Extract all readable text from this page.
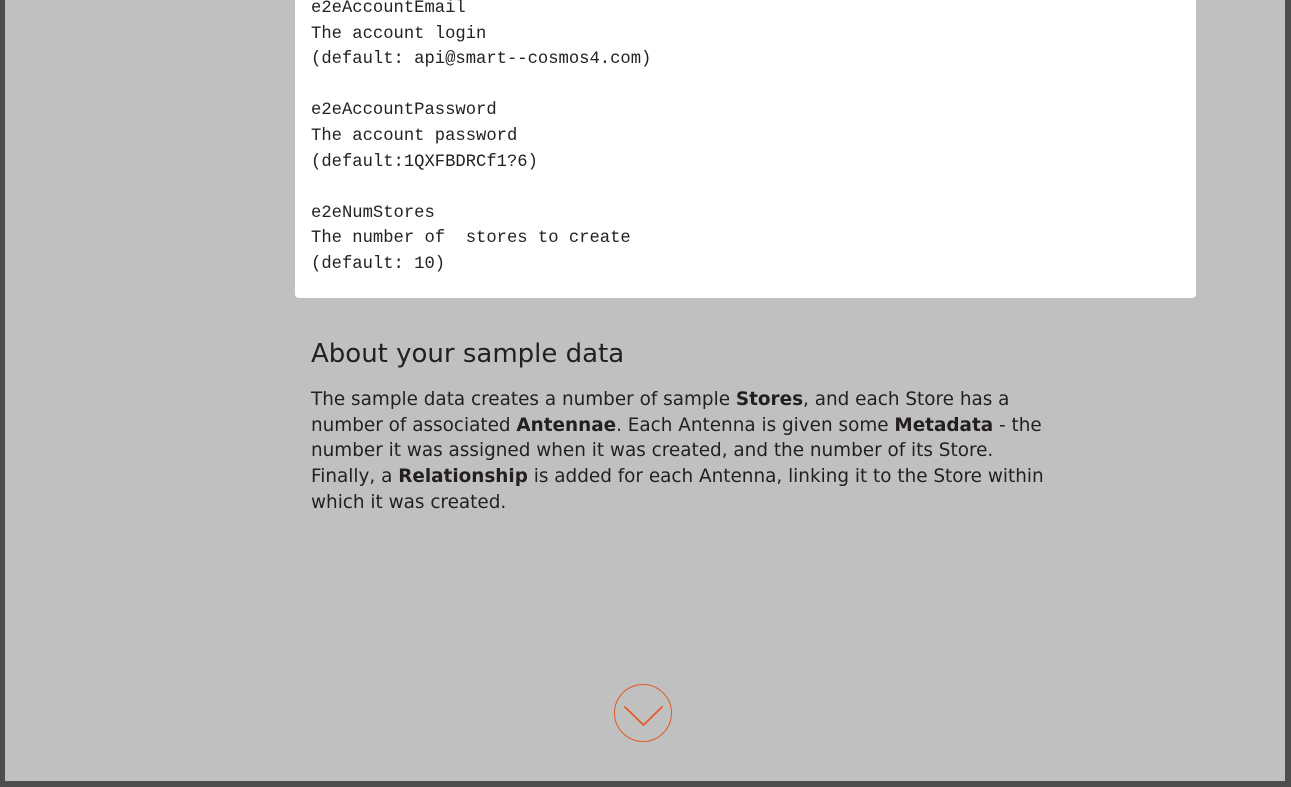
e2eAccountEmail
The account login
(default: api@smart--cosmos4.com)

e2eAccountPassword
The account password
(default:1QXFBDRCf1?6)

e2eNumStores
The number of  stores to create
(default: 10)
About your sample data

The sample data creates a number of sample Stores, and each Store has a number of associated Antennae. Each Antenna is given some Metadata - the number it was assigned when it was created, and the number of its Store. Finally, a Relationship is added for each Antenna, linking it to the Store within which it was created.
